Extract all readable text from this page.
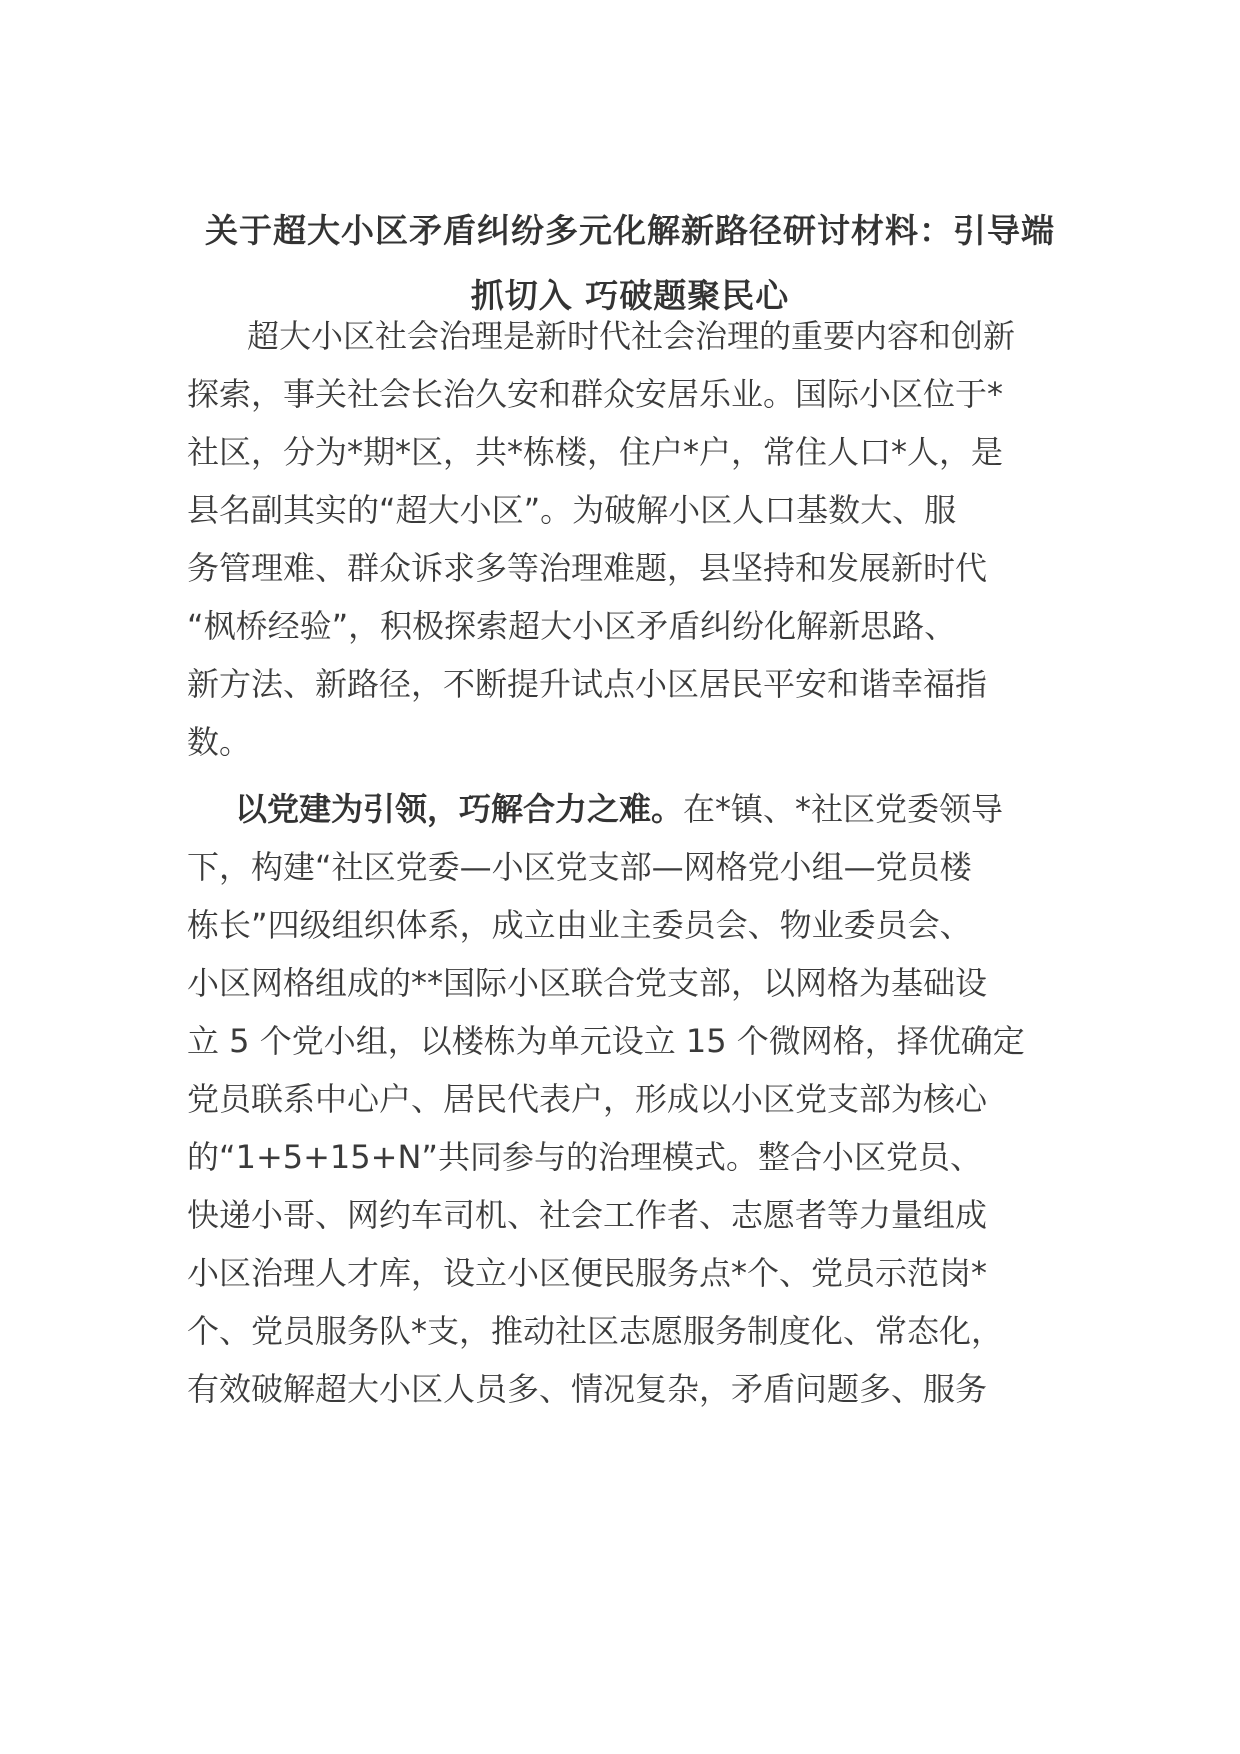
关于超大小区矛盾纠纷多元化解新路径研讨材料：引导端
抓切入 巧破题聚民心
超大小区社会治理是新时代社会治理的重要内容和创新
探索，事关社会长治久安和群众安居乐业。国际小区位于*
社区，分为*期*区，共*栋楼，住户*户，常住人口*人，是
县名副其实的“超大小区”。为破解小区人口基数大、服
务管理难、群众诉求多等治理难题，县坚持和发展新时代
“枫桥经验”，积极探索超大小区矛盾纠纷化解新思路、
新方法、新路径，不断提升试点小区居民平安和谐幸福指
数。
以党建为引领，巧解合力之难。在*镇、*社区党委领导
下，构建“社区党委—小区党支部—网格党小组—党员楼
栋长”四级组织体系，成立由业主委员会、物业委员会、
小区网格组成的**国际小区联合党支部，以网格为基础设
立 5 个党小组，以楼栋为单元设立 15 个微网格，择优确定
党员联系中心户、居民代表户，形成以小区党支部为核心
的“1+5+15+N”共同参与的治理模式。整合小区党员、
快递小哥、网约车司机、社会工作者、志愿者等力量组成
小区治理人才库，设立小区便民服务点*个、党员示范岗*
个、党员服务队*支，推动社区志愿服务制度化、常态化，
有效破解超大小区人员多、情况复杂，矛盾问题多、服务
